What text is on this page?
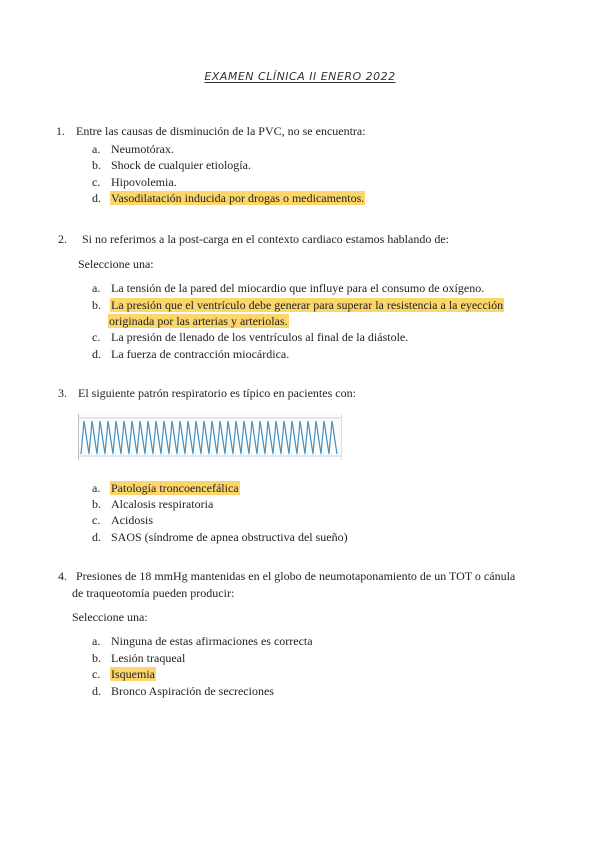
EXAMEN CLÍNICA II ENERO 2022
1. Entre las causas de disminución de la PVC, no se encuentra:
a. Neumotórax.
b. Shock de cualquier etiología.
c. Hipovolemia.
d. Vasodilatación inducida por drogas o medicamentos.
2. Si no referimos a la post-carga en el contexto cardiaco estamos hablando de:
Seleccione una:
a. La tensión de la pared del miocardio que influye para el consumo de oxígeno.
b. La presión que el ventrículo debe generar para superar la resistencia a la eyección
originada por las arterias y arteriolas.
c. La presión de llenado de los ventrículos al final de la diástole.
d. La fuerza de contracción miocárdica.
3. El siguiente patrón respiratorio es típico en pacientes con:
a. Patología troncoencefálica
b. Alcalosis respiratoria
c. Acidosis
d. SAOS (síndrome de apnea obstructiva del sueño)
4. Presiones de 18 mmHg mantenidas en el globo de neumotaponamiento de un TOT o cánula
de traqueotomía pueden producir:
Seleccione una:
a. Ninguna de estas afirmaciones es correcta
b. Lesión traqueal
c. Isquemia
d. Bronco Aspiración de secreciones
